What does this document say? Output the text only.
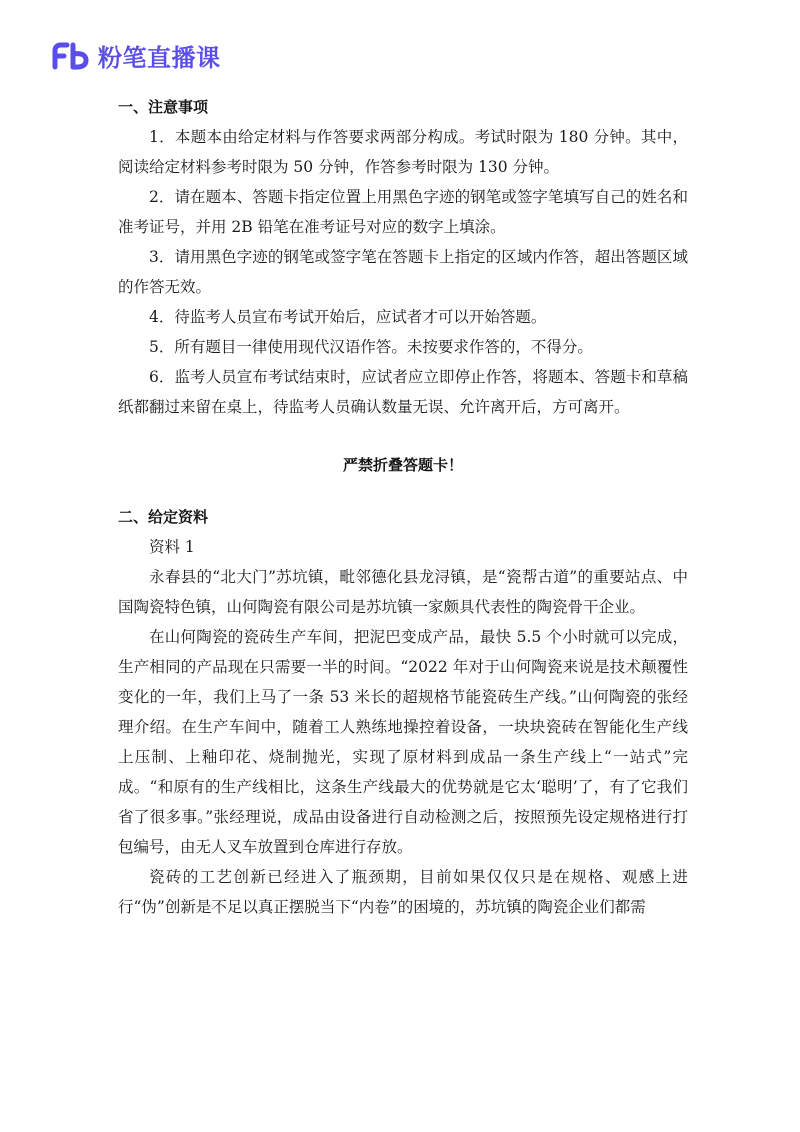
粉笔直播课

一、注意事项

1．本题本由给定材料与作答要求两部分构成。考试时限为 180 分钟。其中，阅读给定材料参考时限为 50 分钟，作答参考时限为 130 分钟。

2．请在题本、答题卡指定位置上用黑色字迹的钢笔或签字笔填写自己的姓名和准考证号，并用 2B 铅笔在准考证号对应的数字上填涂。

3．请用黑色字迹的钢笔或签字笔在答题卡上指定的区域内作答，超出答题区域的作答无效。

4．待监考人员宣布考试开始后，应试者才可以开始答题。

5．所有题目一律使用现代汉语作答。未按要求作答的，不得分。

6．监考人员宣布考试结束时，应试者应立即停止作答，将题本、答题卡和草稿纸都翻过来留在桌上，待监考人员确认数量无误、允许离开后，方可离开。

严禁折叠答题卡！

二、给定资料

资料 1

永春县的“北大门”苏坑镇，毗邻德化县龙浔镇，是“瓷帮古道”的重要站点、中国陶瓷特色镇，山何陶瓷有限公司是苏坑镇一家颇具代表性的陶瓷骨干企业。

在山何陶瓷的瓷砖生产车间，把泥巴变成产品，最快 5.5 个小时就可以完成，生产相同的产品现在只需要一半的时间。“2022 年对于山何陶瓷来说是技术颠覆性变化的一年，我们上马了一条 53 米长的超规格节能瓷砖生产线。”山何陶瓷的张经理介绍。在生产车间中，随着工人熟练地操控着设备，一块块瓷砖在智能化生产线上压制、上釉印花、烧制抛光，实现了原材料到成品一条生产线上“一站式”完成。“和原有的生产线相比，这条生产线最大的优势就是它太‘聪明’了，有了它我们省了很多事。”张经理说，成品由设备进行自动检测之后，按照预先设定规格进行打包编号，由无人叉车放置到仓库进行存放。

瓷砖的工艺创新已经进入了瓶颈期，目前如果仅仅只是在规格、观感上进行“伪”创新是不足以真正摆脱当下“内卷”的困境的，苏坑镇的陶瓷企业们都需
